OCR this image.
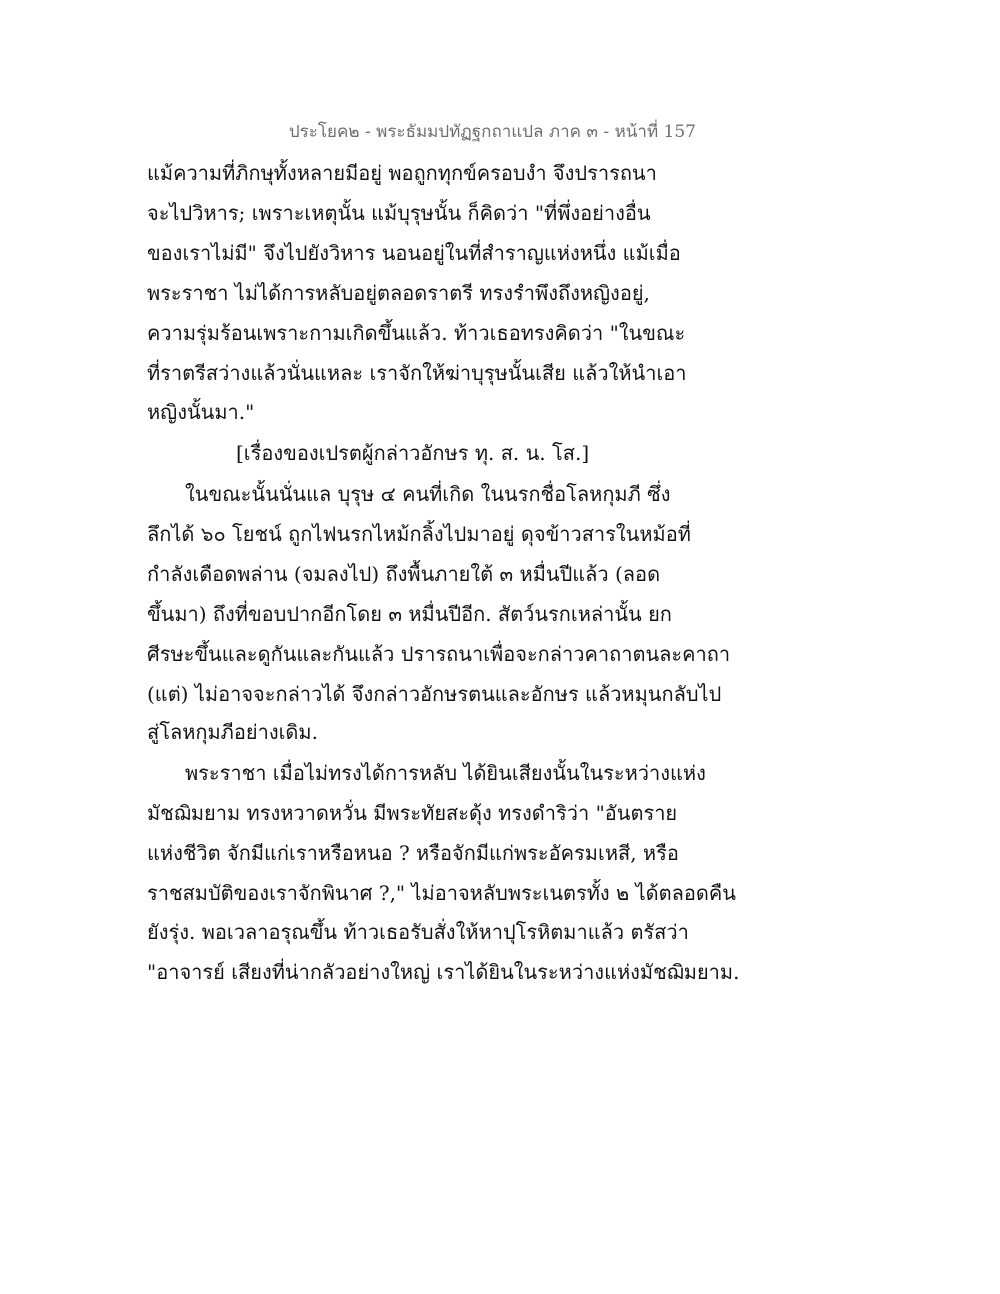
ประโยค๒ - พระธัมมปทัฏฐกถาแปล ภาค ๓ - หน้าที่ 157
แม้ความที่ภิกษุทั้งหลายมีอยู่ พอถูกทุกข์ครอบงำ จึงปรารถนา
จะไปวิหาร; เพราะเหตุนั้น แม้บุรุษนั้น ก็คิดว่า "ที่พึ่งอย่างอื่น
ของเราไม่มี" จึงไปยังวิหาร นอนอยู่ในที่สำราญแห่งหนึ่ง แม้เมื่อ
พระราชา ไม่ได้การหลับอยู่ตลอดราตรี ทรงรำพึงถึงหญิงอยู่,
ความรุ่มร้อนเพราะกามเกิดขึ้นแล้ว. ท้าวเธอทรงคิดว่า "ในขณะ
ที่ราตรีสว่างแล้วนั่นแหละ เราจักให้ฆ่าบุรุษนั้นเสีย แล้วให้นำเอา
หญิงนั้นมา."
[เรื่องของเปรตผู้กล่าวอักษร ทุ. ส. น. โส.]
ในขณะนั้นนั่นแล บุรุษ ๔ คนที่เกิด ในนรกชื่อโลหกุมภี ซึ่ง
ลึกได้ ๖๐ โยชน์ ถูกไฟนรกไหม้กลิ้งไปมาอยู่ ดุจข้าวสารในหม้อที่
กำลังเดือดพล่าน (จมลงไป) ถึงพื้นภายใต้ ๓ หมื่นปีแล้ว (ลอด
ขึ้นมา) ถึงที่ขอบปากอีกโดย ๓ หมื่นปีอีก. สัตว์นรกเหล่านั้น ยก
ศีรษะขึ้นและดูกันและกันแล้ว ปรารถนาเพื่อจะกล่าวคาถาตนละคาถา
(แต่) ไม่อาจจะกล่าวได้ จึงกล่าวอักษรตนและอักษร แล้วหมุนกลับไป
สู่โลหกุมภีอย่างเดิม.
พระราชา เมื่อไม่ทรงได้การหลับ ได้ยินเสียงนั้นในระหว่างแห่ง
มัชฌิมยาม ทรงหวาดหวั่น มีพระทัยสะดุ้ง ทรงดำริว่า "อันตราย
แห่งชีวิต จักมีแก่เราหรือหนอ ? หรือจักมีแก่พระอัครมเหสี, หรือ
ราชสมบัติของเราจักพินาศ ?," ไม่อาจหลับพระเนตรทั้ง ๒ ได้ตลอดคืน
ยังรุ่ง. พอเวลาอรุณขึ้น ท้าวเธอรับสั่งให้หาปุโรหิตมาแล้ว ตรัสว่า
"อาจารย์ เสียงที่น่ากลัวอย่างใหญ่ เราได้ยินในระหว่างแห่งมัชฌิมยาม.
